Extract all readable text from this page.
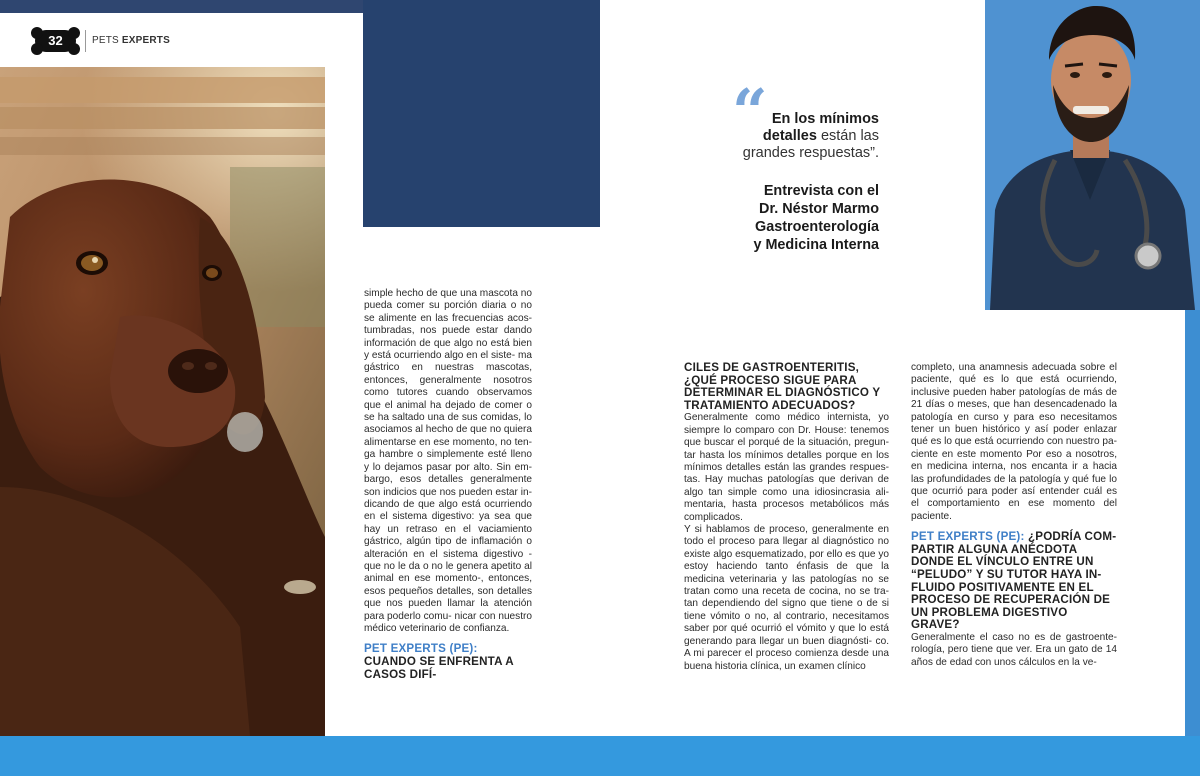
32	PETS EXPERTS
“ En los mínimos
detalles están las
grandes respuestas”.
Entrevista con el
Dr. Néstor Marmo
Gastroenterología
y Medicina Interna

simple hecho de que una mascota no pueda comer su porción diaria o no se alimente en las frecuencias acos- tumbradas, nos puede estar dando información de que algo no está bien y está ocurriendo algo en el siste- ma gástrico en nuestras mascotas, entonces, generalmente nosotros como tutores cuando observamos que el animal ha dejado de comer o se ha saltado una de sus comidas, lo asociamos al hecho de que no quiera alimentarse en ese momento, no ten- ga hambre o simplemente esté lleno y lo dejamos pasar por alto. Sin em- bargo, esos detalles generalmente son indicios que nos pueden estar in- dicando de que algo está ocurriendo en el sistema digestivo: ya sea que hay un retraso en el vaciamiento gástrico, algún tipo de inflamación o alteración en el sistema digestivo -que no le da o no le genera apetito al animal en ese momento-, entonces, esos pequeños detalles, son detalles que nos pueden llamar la atención para poderlo comu- nicar con nuestro médico veterinario de confianza.

PET EXPERTS (PE): CUANDO SE ENFRENTA A CASOS DIFÍ-

CILES DE GASTROENTERITIS, ¿QUÉ PROCESO SIGUE PARA DETERMINAR EL DIAGNÓSTICO Y TRATAMIENTO ADECUADOS?

Generalmente como médico internista, yo siempre lo comparo con Dr. House: tenemos que buscar el porqué de la situación, pregun- tar hasta los mínimos detalles porque en los mínimos detalles están las grandes respues- tas. Hay muchas patologías que derivan de algo tan simple como una idiosincrasia ali- mentaria, hasta procesos metabólicos más complicados.

Y si hablamos de proceso, generalmente en todo el proceso para llegar al diagnóstico no existe algo esquematizado, por ello es que yo estoy haciendo tanto énfasis de que la medicina veterinaria y las patologías no se tratan como una receta de cocina, no se tra- tan dependiendo del signo que tiene o de si tiene vómito o no, al contrario, necesitamos saber por qué ocurrió el vómito y que lo está generando para llegar un buen diagnósti- co. A mi parecer el proceso comienza desde una buena historia clínica, un examen clínico

completo, una anamnesis adecuada sobre el paciente, qué es lo que está ocurriendo, inclusive pueden haber patologías de más de 21 días o meses, que han desencadenado la patología en curso y para eso necesitamos tener un buen histórico y así poder enlazar qué es lo que está ocurriendo con nuestro pa- ciente en este momento Por eso a nosotros, en medicina interna, nos encanta ir a hacia las profundidades de la patología y qué fue lo que ocurrió para poder así entender cuál es el comportamiento en ese momento del paciente.

PET EXPERTS (PE): ¿PODRÍA COM- PARTIR ALGUNA ANÉCDOTA DONDE EL VÍNCULO ENTRE UN “PELUDO” Y SU TUTOR HAYA IN- FLUIDO POSITIVAMENTE EN EL PROCESO DE RECUPERACIÓN DE UN PROBLEMA DIGESTIVO GRAVE?

Generalmente el caso no es de gastroente- rología, pero tiene que ver. Era un gato de 14 años de edad con unos cálculos en la ve-
